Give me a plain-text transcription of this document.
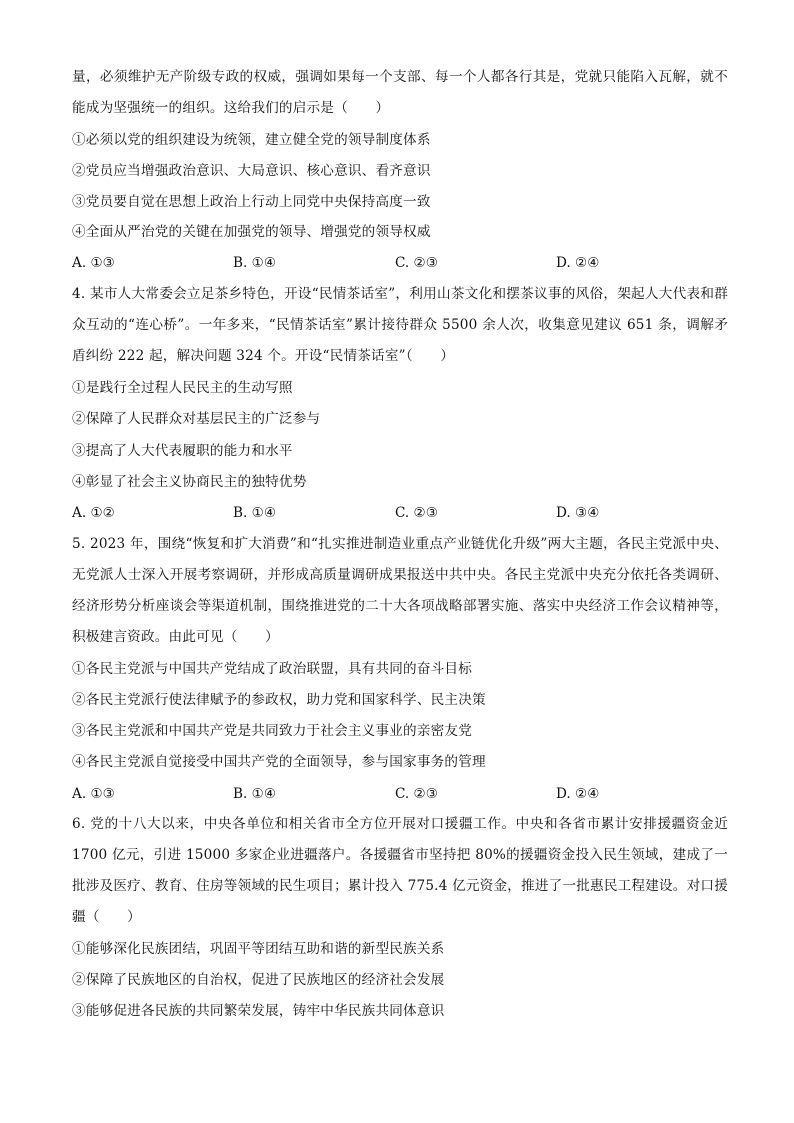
量，必须维护无产阶级专政的权威，强调如果每一个支部、每一个人都各行其是，党就只能陷入瓦解，就不能成为坚强统一的组织。这给我们的启示是（　　）
①必须以党的组织建设为统领，建立健全党的领导制度体系
②党员应当增强政治意识、大局意识、核心意识、看齐意识
③党员要自觉在思想上政治上行动上同党中央保持高度一致
④全面从严治党的关键在加强党的领导、增强党的领导权威
A. ①③	B. ①④	C. ②③	D. ②④
4. 某市人大常委会立足茶乡特色，开设“民情茶话室”，利用山茶文化和摆茶议事的风俗，架起人大代表和群众互动的“连心桥”。一年多来，“民情茶话室”累计接待群众 5500 余人次，收集意见建议 651 条，调解矛盾纠纷 222 起，解决问题 324 个。开设“民情茶话室”（　　）
①是践行全过程人民民主的生动写照
②保障了人民群众对基层民主的广泛参与
③提高了人大代表履职的能力和水平
④彰显了社会主义协商民主的独特优势
A. ①②	B. ①④	C. ②③	D. ③④
5. 2023 年，围绕“恢复和扩大消费”和“扎实推进制造业重点产业链优化升级”两大主题，各民主党派中央、无党派人士深入开展考察调研，并形成高质量调研成果报送中共中央。各民主党派中央充分依托各类调研、经济形势分析座谈会等渠道机制，围绕推进党的二十大各项战略部署实施、落实中央经济工作会议精神等，积极建言资政。由此可见（　　）
①各民主党派与中国共产党结成了政治联盟，具有共同的奋斗目标
②各民主党派行使法律赋予的参政权，助力党和国家科学、民主决策
③各民主党派和中国共产党是共同致力于社会主义事业的亲密友党
④各民主党派自觉接受中国共产党的全面领导，参与国家事务的管理
A. ①③	B. ①④	C. ②③	D. ②④
6. 党的十八大以来，中央各单位和相关省市全方位开展对口援疆工作。中央和各省市累计安排援疆资金近 1700 亿元，引进 15000 多家企业进疆落户。各援疆省市坚持把 80%的援疆资金投入民生领域，建成了一批涉及医疗、教育、住房等领域的民生项目；累计投入 775.4 亿元资金，推进了一批惠民工程建设。对口援疆（　　）
①能够深化民族团结，巩固平等团结互助和谐的新型民族关系
②保障了民族地区的自治权，促进了民族地区的经济社会发展
③能够促进各民族的共同繁荣发展，铸牢中华民族共同体意识
